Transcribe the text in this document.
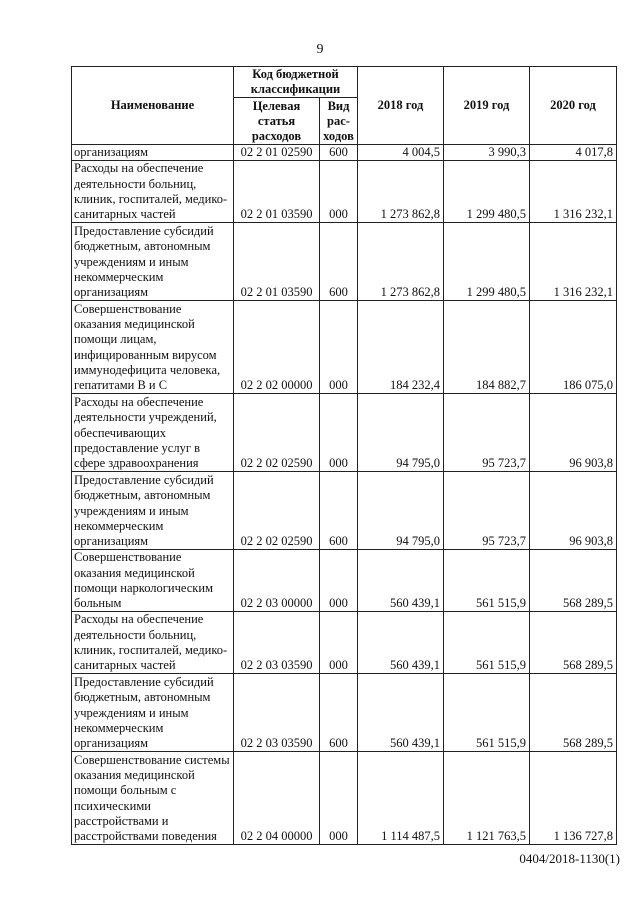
9
Наименование	Код бюджетной классификации		2018 год	2019 год	2020 год
	Целевая статья расходов	Вид рас-ходов			
организациям	02 2 01 02590	600	4 004,5	3 990,3	4 017,8
Расходы на обеспечение деятельности больниц, клиник, госпиталей, медико-санитарных частей	02 2 01 03590	000	1 273 862,8	1 299 480,5	1 316 232,1
Предоставление субсидий бюджетным, автономным учреждениям и иным некоммерческим организациям	02 2 01 03590	600	1 273 862,8	1 299 480,5	1 316 232,1
Совершенствование оказания медицинской помощи лицам, инфицированным вирусом иммунодефицита человека, гепатитами В и С	02 2 02 00000	000	184 232,4	184 882,7	186 075,0
Расходы на обеспечение деятельности учреждений, обеспечивающих предоставление услуг в сфере здравоохранения	02 2 02 02590	000	94 795,0	95 723,7	96 903,8
Предоставление субсидий бюджетным, автономным учреждениям и иным некоммерческим организациям	02 2 02 02590	600	94 795,0	95 723,7	96 903,8
Совершенствование оказания медицинской помощи наркологическим больным	02 2 03 00000	000	560 439,1	561 515,9	568 289,5
Расходы на обеспечение деятельности больниц, клиник, госпиталей, медико-санитарных частей	02 2 03 03590	000	560 439,1	561 515,9	568 289,5
Предоставление субсидий бюджетным, автономным учреждениям и иным некоммерческим организациям	02 2 03 03590	600	560 439,1	561 515,9	568 289,5
Совершенствование системы оказания медицинской помощи больным с психическими расстройствами и расстройствами поведения	02 2 04 00000	000	1 114 487,5	1 121 763,5	1 136 727,8
0404/2018-1130(1)
